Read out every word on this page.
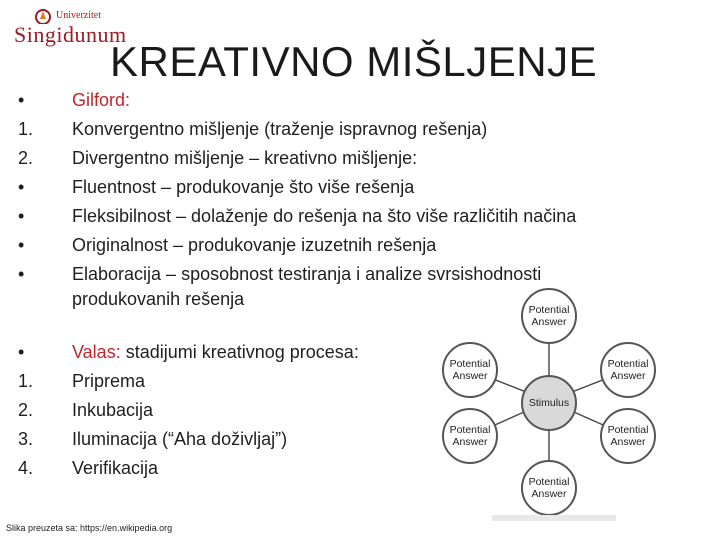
Univerzitet
Singidunum
KREATIVNO MIŠLJENJE
•	Gilford:
1.	Konvergentno mišljenje (traženje ispravnog rešenja)
2.	Divergentno mišljenje – kreativno mišljenje:
•	Fluentnost – produkovanje što više rešenja
•	Fleksibilnost – dolaženje do rešenja na što više različitih načina
•	Originalnost – produkovanje izuzetnih rešenja
•	Elaboracija – sposobnost testiranja i analize svrsishodnosti
produkovanih rešenja
•	Valas: stadijumi kreativnog procesa:
1.	Priprema
2.	Inkubacija
3.	Iluminacija (“Aha doživljaj”)
4.	Verifikacija
Stimulus
Potential
Answer
Potential
Answer
Potential
Answer
Potential
Answer
Potential
Answer
Potential
Answer
Slika preuzeta sa: https://en.wikipedia.org
